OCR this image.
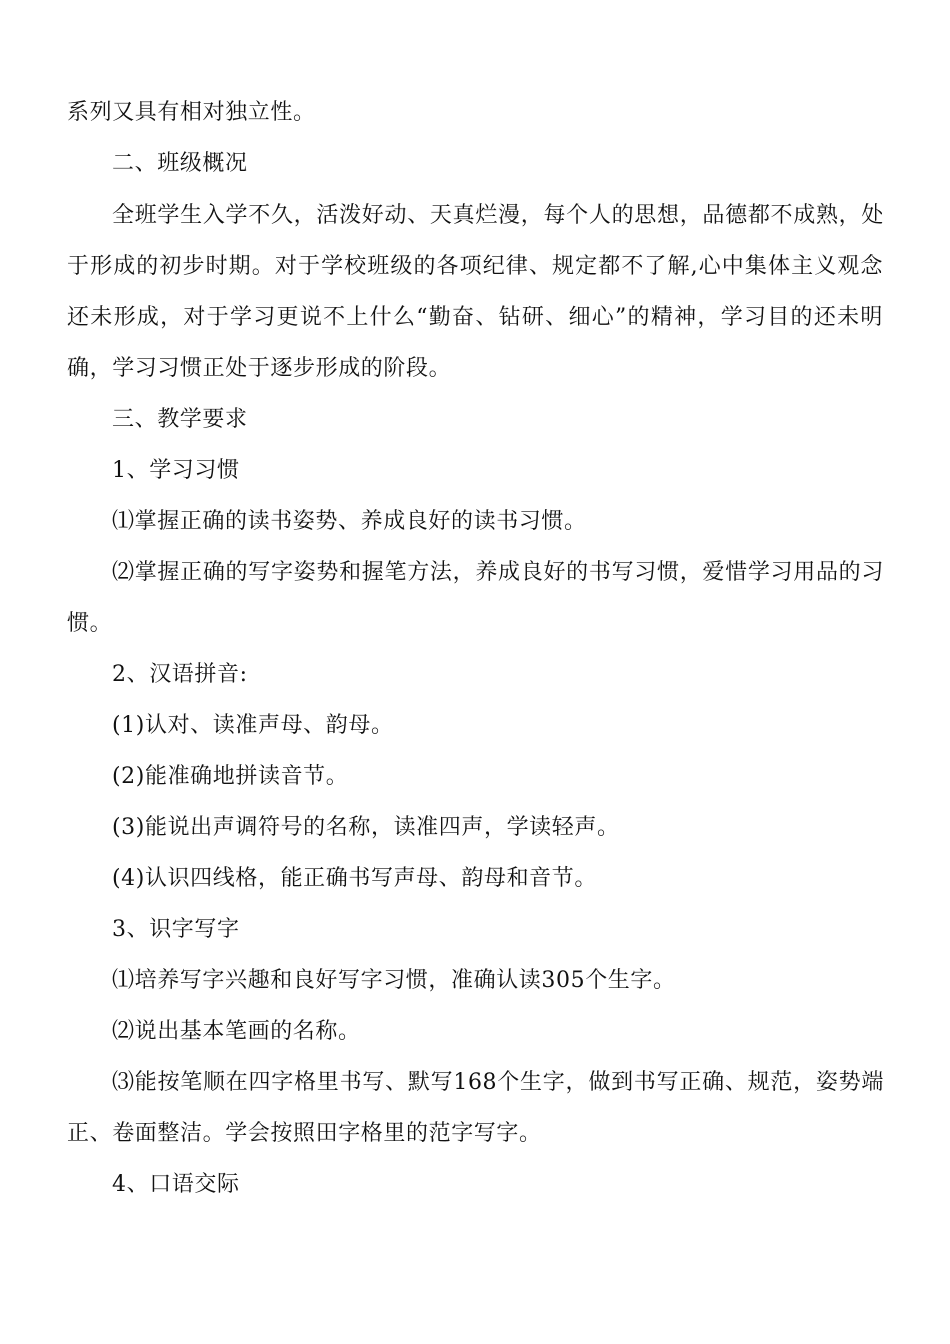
系列又具有相对独立性。
二、班级概况
全班学生入学不久，活泼好动、天真烂漫，每个人的思想，品德都不成熟，处
于形成的初步时期。对于学校班级的各项纪律、规定都不了解,心中集体主义观念
还未形成，对于学习更说不上什么“勤奋、钻研、细心”的精神，学习目的还未明
确，学习习惯正处于逐步形成的阶段。
三、教学要求
1、学习习惯
⑴掌握正确的读书姿势、养成良好的读书习惯。
⑵掌握正确的写字姿势和握笔方法，养成良好的书写习惯，爱惜学习用品的习
惯。
2、汉语拼音:
(1)认对、读准声母、韵母。
(2)能准确地拼读音节。
(3)能说出声调符号的名称，读准四声，学读轻声。
(4)认识四线格，能正确书写声母、韵母和音节。
3、识字写字
⑴培养写字兴趣和良好写字习惯，准确认读305个生字。
⑵说出基本笔画的名称。
⑶能按笔顺在四字格里书写、默写168个生字，做到书写正确、规范，姿势端
正、卷面整洁。学会按照田字格里的范字写字。
4、口语交际
